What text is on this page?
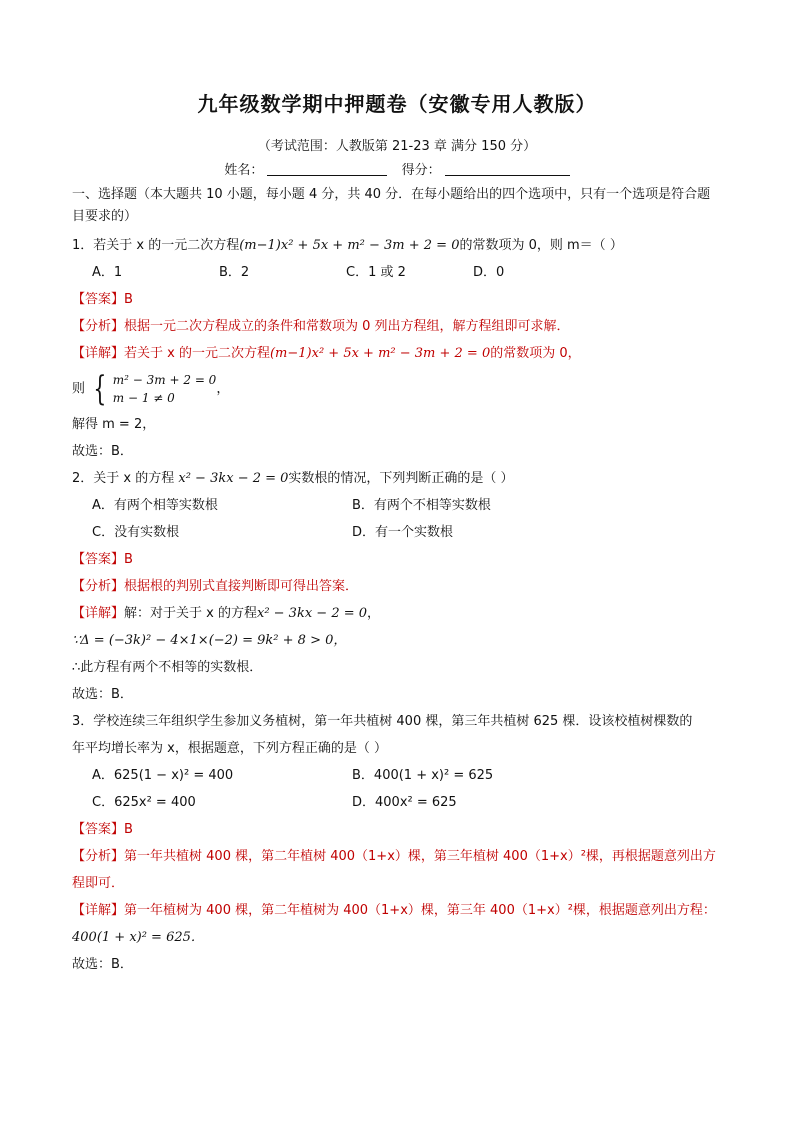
九年级数学期中押题卷（安徽专用人教版）
（考试范围：人教版第 21-23 章 满分 150 分）
姓名：	得分：
一、选择题（本大题共 10 小题，每小题 4 分，共 40 分．在每小题给出的四个选项中，只有一个选项是符合题目要求的）
1．若关于 x 的一元二次方程(m−1)x² + 5x + m² − 3m + 2 = 0的常数项为 0，则 m＝（ ）
A．1	B．2	C．1 或 2	D．0
【答案】B
【分析】根据一元二次方程成立的条件和常数项为 0 列出方程组，解方程组即可求解．
【详解】若关于 x 的一元二次方程(m−1)x² + 5x + m² − 3m + 2 = 0的常数项为 0，
则 { m² − 3m + 2 = 0
m − 1 ≠ 0
，
解得 m = 2，
故选：B．
2．关于 x 的方程 x² − 3kx − 2 = 0实数根的情况，下列判断正确的是（ ）
A．有两个相等实数根	B．有两个不相等实数根
C．没有实数根	D．有一个实数根
【答案】B
【分析】根据根的判别式直接判断即可得出答案．
【详解】解：对于关于 x 的方程x² − 3kx − 2 = 0，
∵Δ = (−3k)² − 4×1×(−2) = 9k² + 8 > 0，
∴此方程有两个不相等的实数根．
故选：B．
3．学校连续三年组织学生参加义务植树，第一年共植树 400 棵，第三年共植树 625 棵．设该校植树棵数的
年平均增长率为 x，根据题意，下列方程正确的是（ ）
A．625(1 − x)² = 400	B．400(1 + x)² = 625
C．625x² = 400	D．400x² = 625
【答案】B
【分析】第一年共植树 400 棵，第二年植树 400（1+x）棵，第三年植树 400（1+x）²棵，再根据题意列出方
程即可．
【详解】第一年植树为 400 棵，第二年植树为 400（1+x）棵，第三年 400（1+x）²棵，根据题意列出方程：
400(1 + x)² = 625．
故选：B．
